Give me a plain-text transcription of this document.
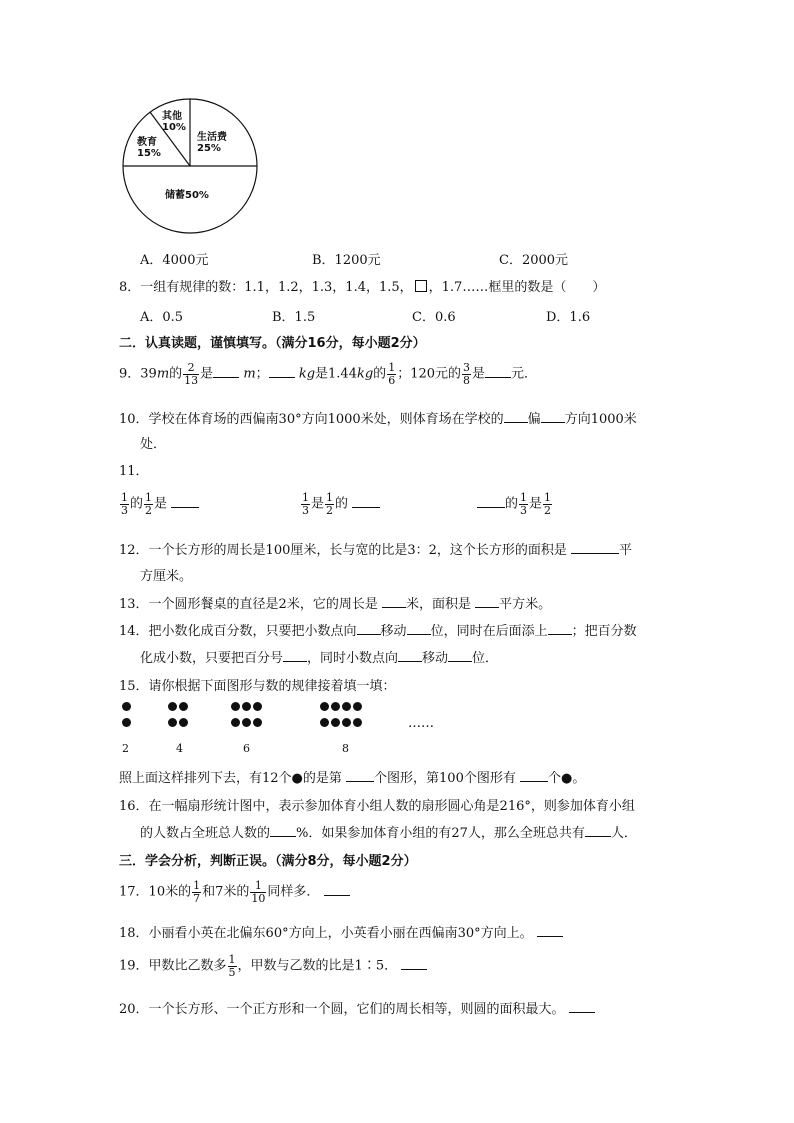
其他
10%
教育
15%
生活费
25%
储蓄50%
A．4000元	B．1200元	C．2000元
8．一组有规律的数：1.1，1.2，1.3，1.4，1.5， ，1.7……框里的数是（　　）
A．0.5	B．1.5	C．0.6	D．1.6
二．认真读题，谨慎填写。（满分16分，每小题2分）
9．39m的 $\frac{2}{13}$ 是 m； kg是1.44kg的 $\frac{1}{6}$ ；120元的 $\frac{3}{8}$ 是 元．
10．学校在体育场的西偏南30°方向1000米处，则体育场在学校的 偏 方向1000米
处．
11．
$\frac{1}{3}$ 的 $\frac{1}{2}$ 是	$\frac{1}{3}$ 是 $\frac{1}{2}$ 的	的 $\frac{1}{3}$ 是 $\frac{1}{2}$
12．一个长方形的周长是100厘米，长与宽的比是3：2，这个长方形的面积是	平
方厘米。
13．一个圆形餐桌的直径是2米，它的周长是 米，面积是 平方米。
14．把小数化成百分数，只要把小数点向 移动 位，同时在后面添上 ；把百分数
化成小数，只要把百分号 ，同时小数点向 移动 位．
15．请你根据下面图形与数的规律接着填一填：
……
2	4	6	8
照上面这样排列下去，有12个●的是第 个图形，第100个图形有 个●。
16．在一幅扇形统计图中，表示参加体育小组人数的扇形圆心角是216°，则参加体育小组
的人数占全班总人数的 %．如果参加体育小组的有27人，那么全班总共有 人．
三．学会分析，判断正误。（满分8分，每小题2分）
17．10米的 $\frac{1}{7}$ 和7米的 $\frac{1}{10}$ 同样多．
18．小丽看小英在北偏东60°方向上，小英看小丽在西偏南30°方向上。
19．甲数比乙数多 $\frac{1}{5}$ ，甲数与乙数的比是1∶5．
20．一个长方形、一个正方形和一个圆，它们的周长相等，则圆的面积最大。
